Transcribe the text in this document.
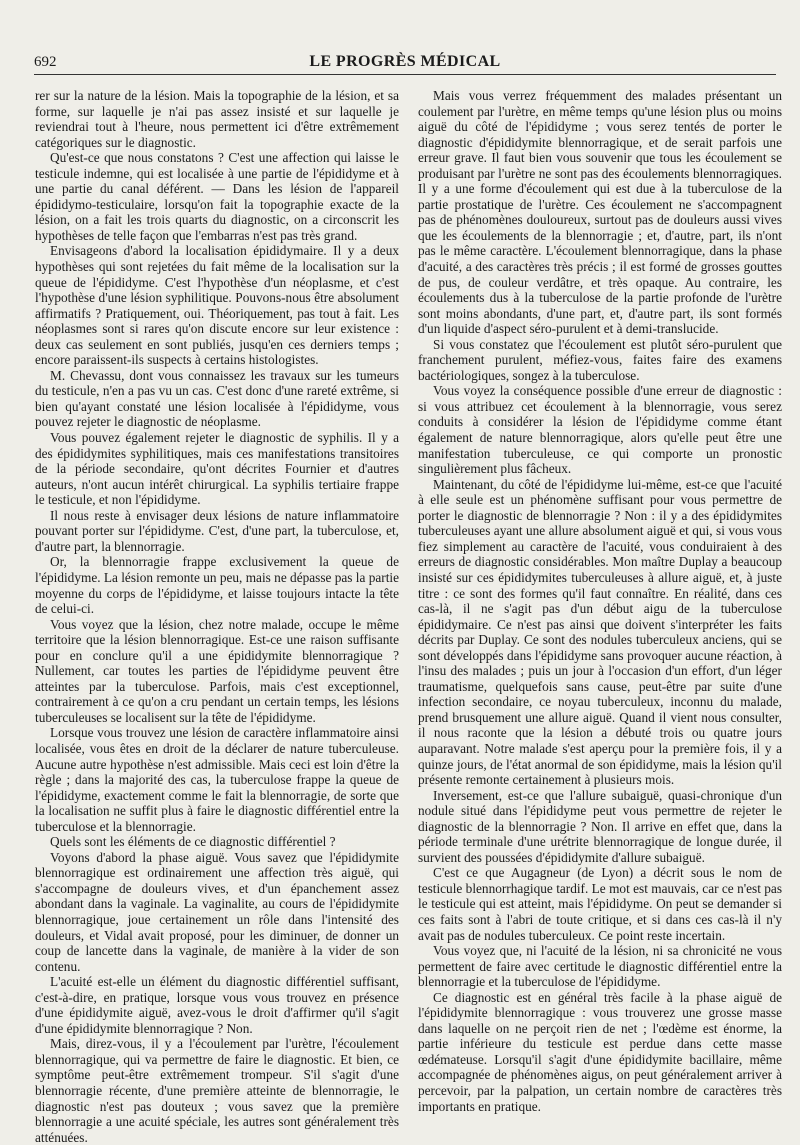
692	LE PROGRÈS MÉDICAL

rer sur la nature de la lésion. Mais la topographie de la lésion, et sa forme, sur laquelle je n'ai pas assez insisté et sur laquelle je reviendrai tout à l'heure, nous permettent ici d'être extrêmement catégoriques sur le diagnostic.

Qu'est-ce que nous constatons ? C'est une affection qui laisse le testicule indemne, qui est localisée à une partie de l'épididyme et à une partie du canal déférent. — Dans les lésion de l'appareil épididymo-testiculaire, lorsqu'on fait la topographie exacte de la lésion, on a fait les trois quarts du diagnostic, on a circonscrit les hypothèses de telle façon que l'embarras n'est pas très grand.

Envisageons d'abord la localisation épididymaire. Il y a deux hypothèses qui sont rejetées du fait même de la localisation sur la queue de l'épididyme. C'est l'hypothèse d'un néoplasme, et c'est l'hypothèse d'une lésion syphilitique. Pouvons-nous être absolument affirmatifs ? Pratiquement, oui. Théoriquement, pas tout à fait. Les néoplasmes sont si rares qu'on discute encore sur leur existence : deux cas seulement en sont publiés, jusqu'en ces derniers temps ; encore paraissent-ils suspects à certains histologistes.

M. Chevassu, dont vous connaissez les travaux sur les tumeurs du testicule, n'en a pas vu un cas. C'est donc d'une rareté extrême, si bien qu'ayant constaté une lésion localisée à l'épididyme, vous pouvez rejeter le diagnostic de néoplasme.

Vous pouvez également rejeter le diagnostic de syphilis. Il y a des épididymites syphilitiques, mais ces manifestations transitoires de la période secondaire, qu'ont décrites Fournier et d'autres auteurs, n'ont aucun intérêt chirurgical. La syphilis tertiaire frappe le testicule, et non l'épididyme.

Il nous reste à envisager deux lésions de nature inflammatoire pouvant porter sur l'épididyme. C'est, d'une part, la tuberculose, et, d'autre part, la blennorragie.

Or, la blennorragie frappe exclusivement la queue de l'épididyme. La lésion remonte un peu, mais ne dépasse pas la partie moyenne du corps de l'épididyme, et laisse toujours intacte la tête de celui-ci.

Vous voyez que la lésion, chez notre malade, occupe le même territoire que la lésion blennorragique. Est-ce une raison suffisante pour en conclure qu'il a une épididymite blennorragique ? Nullement, car toutes les parties de l'épididyme peuvent être atteintes par la tuberculose. Parfois, mais c'est exceptionnel, contrairement à ce qu'on a cru pendant un certain temps, les lésions tuberculeuses se localisent sur la tête de l'épididyme.

Lorsque vous trouvez une lésion de caractère inflammatoire ainsi localisée, vous êtes en droit de la déclarer de nature tuberculeuse. Aucune autre hypothèse n'est admissible. Mais ceci est loin d'être la règle ; dans la majorité des cas, la tuberculose frappe la queue de l'épididyme, exactement comme le fait la blennorragie, de sorte que la localisation ne suffit plus à faire le diagnostic différentiel entre la tuberculose et la blennorragie.

Quels sont les éléments de ce diagnostic différentiel ?

Voyons d'abord la phase aiguë. Vous savez que l'épididymite blennorragique est ordinairement une affection très aiguë, qui s'accompagne de douleurs vives, et d'un épanchement assez abondant dans la vaginale. La vaginalite, au cours de l'épididymite blennorragique, joue certainement un rôle dans l'intensité des douleurs, et Vidal avait proposé, pour les diminuer, de donner un coup de lancette dans la vaginale, de manière à la vider de son contenu.

L'acuité est-elle un élément du diagnostic différentiel suffisant, c'est-à-dire, en pratique, lorsque vous vous trouvez en présence d'une épididymite aiguë, avez-vous le droit d'affirmer qu'il s'agit d'une épididymite blennorragique ? Non.

Mais, direz-vous, il y a l'écoulement par l'urètre, l'écoulement blennorragique, qui va permettre de faire le diagnostic. Et bien, ce symptôme peut-être extrêmement trompeur. S'il s'agit d'une blennorragie récente, d'une première atteinte de blennorragie, le diagnostic n'est pas douteux ; vous savez que la première blennorragie a une acuité spéciale, les autres sont généralement très atténuées.

Mais vous verrez fréquemment des malades présentant un coulement par l'urètre, en même temps qu'une lésion plus ou moins aiguë du côté de l'épididyme ; vous serez tentés de porter le diagnostic d'épididymite blennorragique, et de serait parfois une erreur grave. Il faut bien vous souvenir que tous les écoulement se produisant par l'urètre ne sont pas des écoulements blennorragiques. Il y a une forme d'écoulement qui est due à la tuberculose de la partie prostatique de l'urètre. Ces écoulement ne s'accompagnent pas de phénomènes douloureux, surtout pas de douleurs aussi vives que les écoulements de la blennorragie ; et, d'autre, part, ils n'ont pas le même caractère. L'écoulement blennorragique, dans la phase d'acuité, a des caractères très précis ; il est formé de grosses gouttes de pus, de couleur verdâtre, et très opaque. Au contraire, les écoulements dus à la tuberculose de la partie profonde de l'urètre sont moins abondants, d'une part, et, d'autre part, ils sont formés d'un liquide d'aspect séro-purulent et à demi-translucide.

Si vous constatez que l'écoulement est plutôt séro-purulent que franchement purulent, méfiez-vous, faites faire des examens bactériologiques, songez à la tuberculose.

Vous voyez la conséquence possible d'une erreur de diagnostic : si vous attribuez cet écoulement à la blennorragie, vous serez conduits à considérer la lésion de l'épididyme comme étant également de nature blennorragique, alors qu'elle peut être une manifestation tuberculeuse, ce qui comporte un pronostic singulièrement plus fâcheux.

Maintenant, du côté de l'épididyme lui-même, est-ce que l'acuité à elle seule est un phénomène suffisant pour vous permettre de porter le diagnostic de blennorragie ? Non : il y a des épididymites tuberculeuses ayant une allure absolument aiguë et qui, si vous vous fiez simplement au caractère de l'acuité, vous conduiraient à des erreurs de diagnostic considérables. Mon maître Duplay a beaucoup insisté sur ces épididymites tuberculeuses à allure aiguë, et, à juste titre : ce sont des formes qu'il faut connaître. En réalité, dans ces cas-là, il ne s'agit pas d'un début aigu de la tuberculose épididymaire. Ce n'est pas ainsi que doivent s'interpréter les faits décrits par Duplay. Ce sont des nodules tuberculeux anciens, qui se sont développés dans l'épididyme sans provoquer aucune réaction, à l'insu des malades ; puis un jour à l'occasion d'un effort, d'un léger traumatisme, quelquefois sans cause, peut-être par suite d'une infection secondaire, ce noyau tuberculeux, inconnu du malade, prend brusquement une allure aiguë. Quand il vient nous consulter, il nous raconte que la lésion a débuté trois ou quatre jours auparavant. Notre malade s'est aperçu pour la première fois, il y a quinze jours, de l'état anormal de son épididyme, mais la lésion qu'il présente remonte certainement à plusieurs mois.

Inversement, est-ce que l'allure subaiguë, quasi-chronique d'un nodule situé dans l'épididyme peut vous permettre de rejeter le diagnostic de la blennorragie ? Non. Il arrive en effet que, dans la période terminale d'une urétrite blennorragique de longue durée, il survient des poussées d'épididymite d'allure subaiguë.

C'est ce que Augagneur (de Lyon) a décrit sous le nom de testicule blennorrhagique tardif. Le mot est mauvais, car ce n'est pas le testicule qui est atteint, mais l'épididyme. On peut se demander si ces faits sont à l'abri de toute critique, et si dans ces cas-là il n'y avait pas de nodules tuberculeux. Ce point reste incertain.

Vous voyez que, ni l'acuité de la lésion, ni sa chronicité ne vous permettent de faire avec certitude le diagnostic différentiel entre la blennorragie et la tuberculose de l'épididyme.

Ce diagnostic est en général très facile à la phase aiguë de l'épididymite blennorragique : vous trouverez une grosse masse dans laquelle on ne perçoit rien de net ; l'œdème est énorme, la partie inférieure du testicule est perdue dans cette masse œdémateuse. Lorsqu'il s'agit d'une épididymite bacillaire, même accompagnée de phénomènes aigus, on peut généralement arriver à percevoir, par la palpation, un certain nombre de caractères très importants en pratique.
